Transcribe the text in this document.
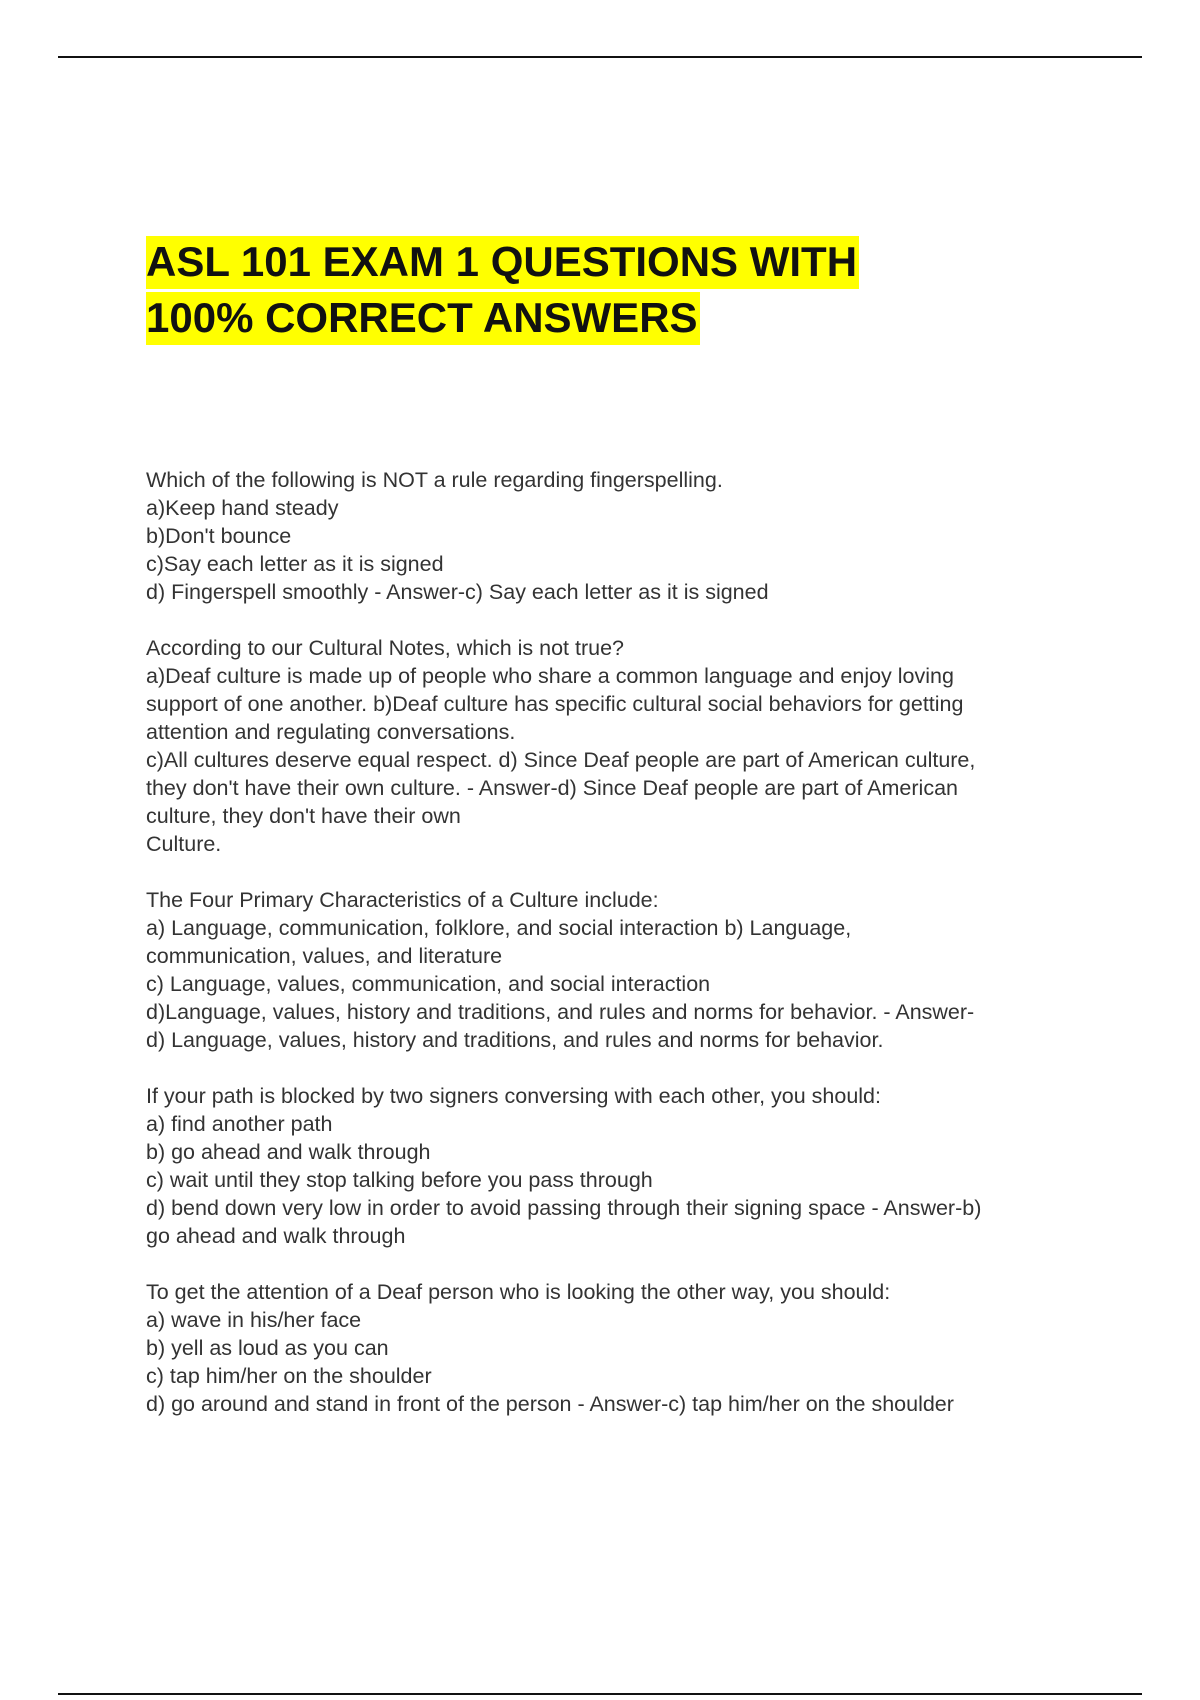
ASL 101 EXAM 1 QUESTIONS WITH
100% CORRECT ANSWERS
Which of the following is NOT a rule regarding fingerspelling.
a)Keep hand steady
b)Don't bounce
c)Say each letter as it is signed
d) Fingerspell smoothly - Answer-c) Say each letter as it is signed
According to our Cultural Notes, which is not true?
a)Deaf culture is made up of people who share a common language and enjoy loving
support of one another. b)Deaf culture has specific cultural social behaviors for getting
attention and regulating conversations.
c)All cultures deserve equal respect. d) Since Deaf people are part of American culture,
they don't have their own culture. - Answer-d) Since Deaf people are part of American
culture, they don't have their own
Culture.
The Four Primary Characteristics of a Culture include:
a) Language, communication, folklore, and social interaction b) Language,
communication, values, and literature
c) Language, values, communication, and social interaction
d)Language, values, history and traditions, and rules and norms for behavior. - Answer-
d) Language, values, history and traditions, and rules and norms for behavior.
If your path is blocked by two signers conversing with each other, you should:
a) find another path
b) go ahead and walk through
c) wait until they stop talking before you pass through
d) bend down very low in order to avoid passing through their signing space - Answer-b)
go ahead and walk through
To get the attention of a Deaf person who is looking the other way, you should:
a) wave in his/her face
b) yell as loud as you can
c) tap him/her on the shoulder
d) go around and stand in front of the person - Answer-c) tap him/her on the shoulder
